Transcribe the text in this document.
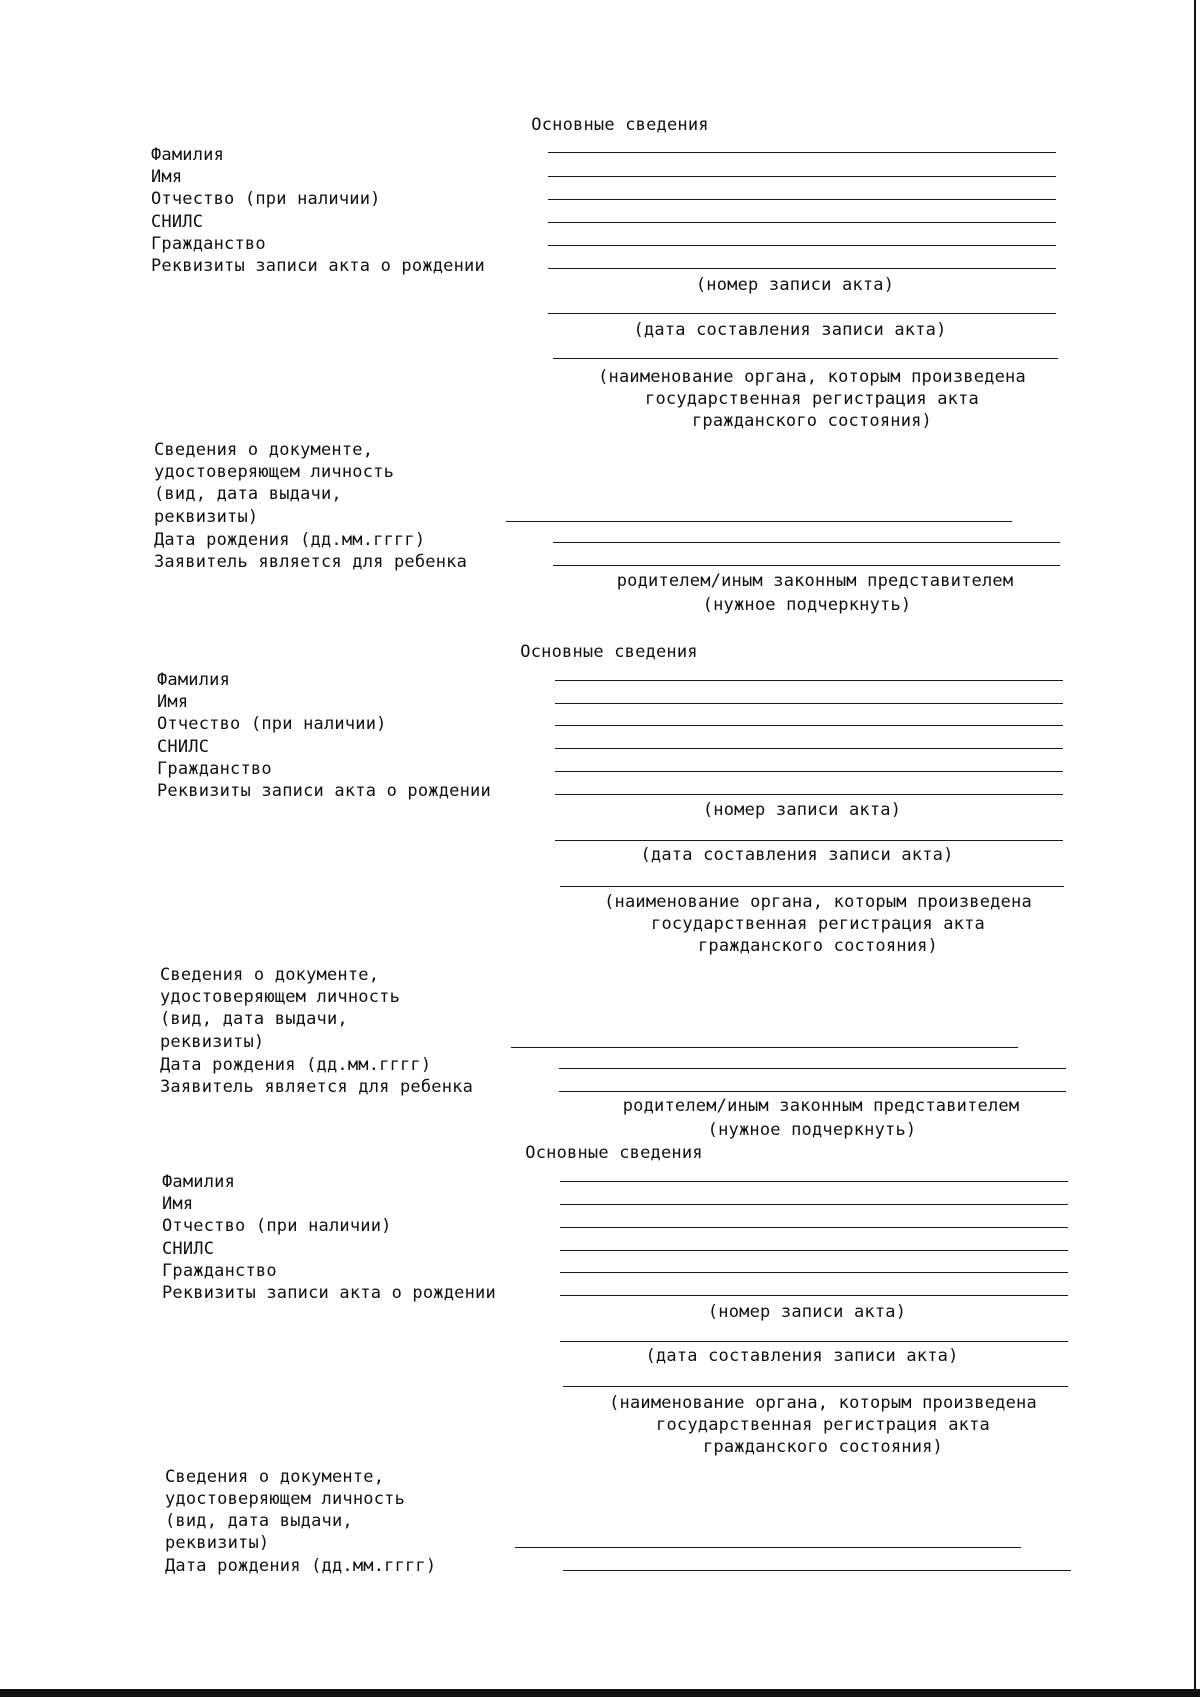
Основные сведения
Фамилия
Имя
Отчество (при наличии)
СНИЛС
Гражданство
Реквизиты записи акта о рождении
(номер записи акта)
(дата составления записи акта)
(наименование органа, которым произведена
государственная регистрация акта
гражданского состояния)
Сведения о документе,
удостоверяющем личность
(вид, дата выдачи,
реквизиты)
Дата рождения (дд.мм.гггг)
Заявитель является для ребенка
родителем/иным законным представителем
(нужное подчеркнуть)
Основные сведения
Фамилия
Имя
Отчество (при наличии)
СНИЛС
Гражданство
Реквизиты записи акта о рождении
(номер записи акта)
(дата составления записи акта)
(наименование органа, которым произведена
государственная регистрация акта
гражданского состояния)
Сведения о документе,
удостоверяющем личность
(вид, дата выдачи,
реквизиты)
Дата рождения (дд.мм.гггг)
Заявитель является для ребенка
родителем/иным законным представителем
(нужное подчеркнуть)
Основные сведения
Фамилия
Имя
Отчество (при наличии)
СНИЛС
Гражданство
Реквизиты записи акта о рождении
(номер записи акта)
(дата составления записи акта)
(наименование органа, которым произведена
государственная регистрация акта
гражданского состояния)
Сведения о документе,
удостоверяющем личность
(вид, дата выдачи,
реквизиты)
Дата рождения (дд.мм.гггг)
